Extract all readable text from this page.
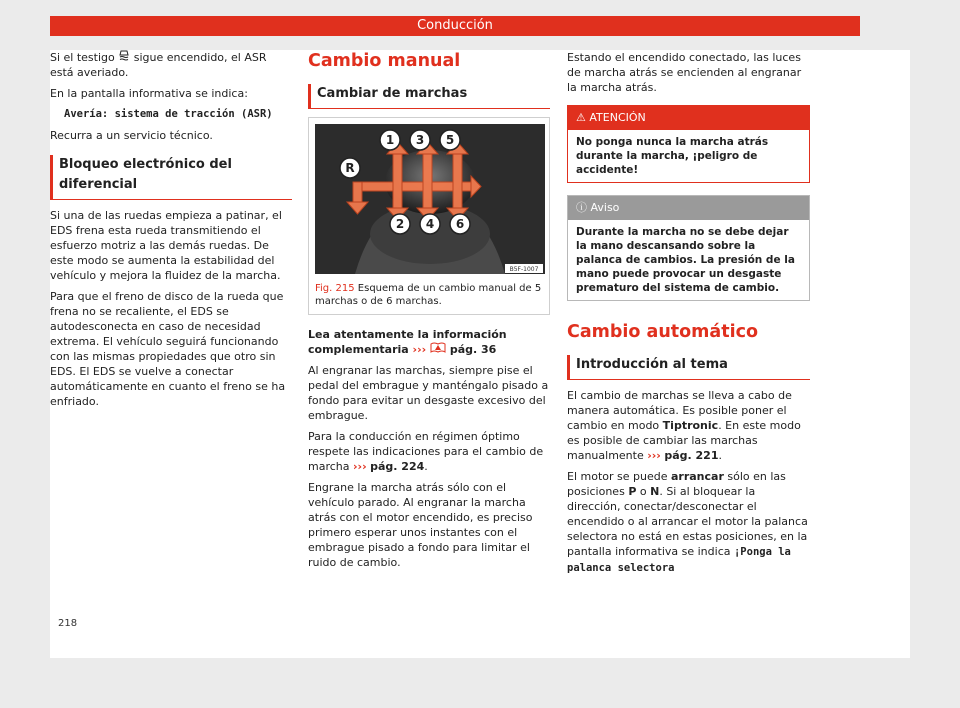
Conducción

Si el testigo sigue encendido, el ASR está averiado.

En la pantalla informativa se indica:

Avería: sistema de tracción (ASR)

Recurra a un servicio técnico.

Bloqueo electrónico del diferencial

Si una de las ruedas empieza a patinar, el EDS frena esta rueda transmitiendo el esfuerzo motriz a las demás ruedas. De este modo se aumenta la estabilidad del vehículo y mejora la fluidez de la marcha.

Para que el freno de disco de la rueda que frena no se recaliente, el EDS se autodesconecta en caso de necesidad extrema. El vehículo seguirá funcionando con las mismas propiedades que otro sin EDS. El EDS se vuelve a conectar automáticamente en cuanto el freno se ha enfriado.

Cambio manual
Cambiar de marchas
1 3 5
R
2 4 6
B5F-1007
Fig. 215 Esquema de un cambio manual de 5 marchas o de 6 marchas.

Lea atentamente la información complementaria ››› pág. 36

Al engranar las marchas, siempre pise el pedal del embrague y manténgalo pisado a fondo para evitar un desgaste excesivo del embrague.

Para la conducción en régimen óptimo respete las indicaciones para el cambio de marcha ››› pág. 224.

Engrane la marcha atrás sólo con el vehículo parado. Al engranar la marcha atrás con el motor encendido, es preciso primero esperar unos instantes con el embrague pisado a fondo para limitar el ruido de cambio.

Estando el encendido conectado, las luces de marcha atrás se encienden al engranar la marcha atrás.

⚠ ATENCIÓN
No ponga nunca la marcha atrás durante la marcha, ¡peligro de accidente!
ⓘ Aviso
Durante la marcha no se debe dejar la mano descansando sobre la palanca de cambios. La presión de la mano puede provocar un desgaste prematuro del sistema de cambio.
Cambio automático
Introducción al tema

El cambio de marchas se lleva a cabo de manera automática. Es posible poner el cambio en modo Tiptronic. En este modo es posible de cambiar las marchas manualmente ››› pág. 221.

El motor se puede arrancar sólo en las posiciones P o N. Si al bloquear la dirección, conectar/desconectar el encendido o al arrancar el motor la palanca selectora no está en estas posiciones, en la pantalla informativa se indica ¡Ponga la palanca selectora

218
